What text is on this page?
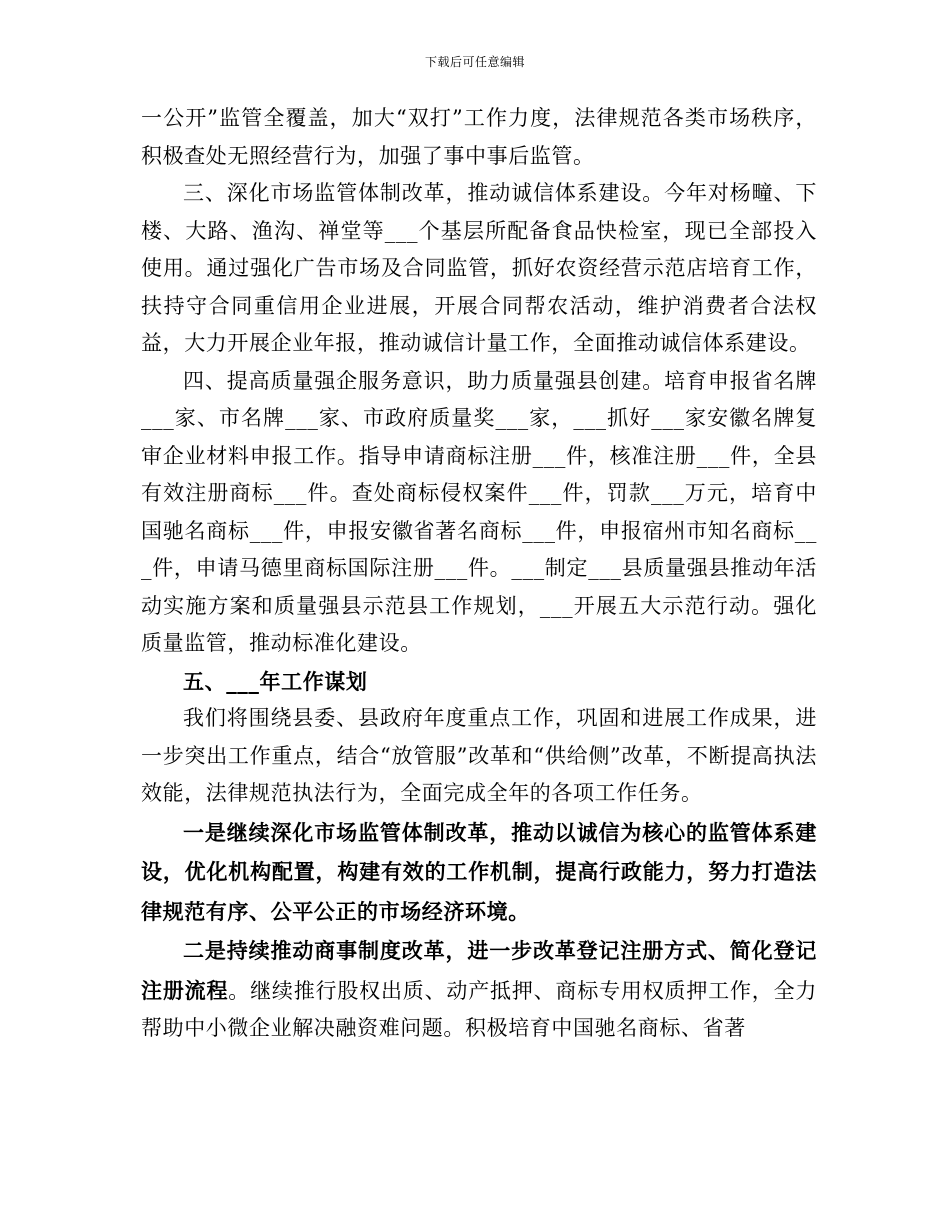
下载后可任意编辑

一公开”监管全覆盖，加大“双打”工作力度，法律规范各类市场秩序，积极查处无照经营行为，加强了事中事后监管。

三、深化市场监管体制改革，推动诚信体系建设。今年对杨疃、下楼、大路、渔沟、禅堂等___个基层所配备食品快检室，现已全部投入使用。通过强化广告市场及合同监管，抓好农资经营示范店培育工作，扶持守合同重信用企业进展，开展合同帮农活动，维护消费者合法权益，大力开展企业年报，推动诚信计量工作，全面推动诚信体系建设。

四、提高质量强企服务意识，助力质量强县创建。培育申报省名牌___家、市名牌___家、市政府质量奖___家，___抓好___家安徽名牌复审企业材料申报工作。指导申请商标注册___件，核准注册___件，全县有效注册商标___件。查处商标侵权案件___件，罚款___万元，培育中国驰名商标___件，申报安徽省著名商标___件，申报宿州市知名商标___件，申请马德里商标国际注册___件。___制定___县质量强县推动年活动实施方案和质量强县示范县工作规划，___开展五大示范行动。强化质量监管，推动标准化建设。

五、___年工作谋划

我们将围绕县委、县政府年度重点工作，巩固和进展工作成果，进一步突出工作重点，结合“放管服”改革和“供给侧”改革，不断提高执法效能，法律规范执法行为，全面完成全年的各项工作任务。

一是继续深化市场监管体制改革，推动以诚信为核心的监管体系建设，优化机构配置，构建有效的工作机制，提高行政能力，努力打造法律规范有序、公平公正的市场经济环境。

二是持续推动商事制度改革，进一步改革登记注册方式、简化登记注册流程。继续推行股权出质、动产抵押、商标专用权质押工作，全力帮助中小微企业解决融资难问题。积极培育中国驰名商标、省著
